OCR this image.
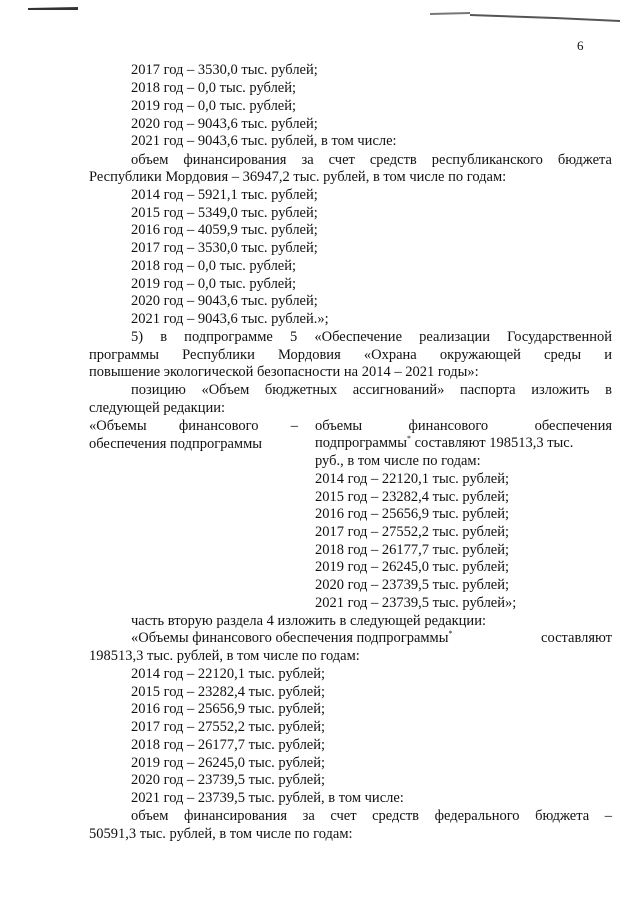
6
2017 год – 3530,0 тыс. рублей;
2018 год – 0,0 тыс. рублей;
2019 год – 0,0 тыс. рублей;
2020 год – 9043,6 тыс. рублей;
2021 год – 9043,6 тыс. рублей, в том числе:
объем финансирования за счет средств республиканского бюджета
Республики Мордовия – 36947,2 тыс. рублей, в том числе по годам:
2014 год – 5921,1 тыс. рублей;
2015 год – 5349,0 тыс. рублей;
2016 год – 4059,9 тыс. рублей;
2017 год – 3530,0 тыс. рублей;
2018 год – 0,0 тыс. рублей;
2019 год – 0,0 тыс. рублей;
2020 год – 9043,6 тыс. рублей;
2021 год – 9043,6 тыс. рублей.»;
5) в подпрограмме 5 «Обеспечение реализации Государственной
программы Республики Мордовия «Охрана окружающей среды и
повышение экологической безопасности на 2014 – 2021 годы»:
позицию «Объем бюджетных ассигнований» паспорта изложить в
следующей редакции:
«Объемы финансового –
обеспечения подпрограммы
объемы финансового обеспечения
подпрограммы* составляют 198513,3 тыс.
руб., в том числе по годам:
2014 год – 22120,1 тыс. рублей;
2015 год – 23282,4 тыс. рублей;
2016 год – 25656,9 тыс. рублей;
2017 год – 27552,2 тыс. рублей;
2018 год – 26177,7 тыс. рублей;
2019 год – 26245,0 тыс. рублей;
2020 год – 23739,5 тыс. рублей;
2021 год – 23739,5 тыс. рублей»;
часть вторую раздела 4 изложить в следующей редакции:
«Объемы финансового обеспечения подпрограммы*	составляют
198513,3 тыс. рублей, в том числе по годам:
2014 год – 22120,1 тыс. рублей;
2015 год – 23282,4 тыс. рублей;
2016 год – 25656,9 тыс. рублей;
2017 год – 27552,2 тыс. рублей;
2018 год – 26177,7 тыс. рублей;
2019 год – 26245,0 тыс. рублей;
2020 год – 23739,5 тыс. рублей;
2021 год – 23739,5 тыс. рублей, в том числе:
объем финансирования за счет средств федерального бюджета –
50591,3 тыс. рублей, в том числе по годам:
